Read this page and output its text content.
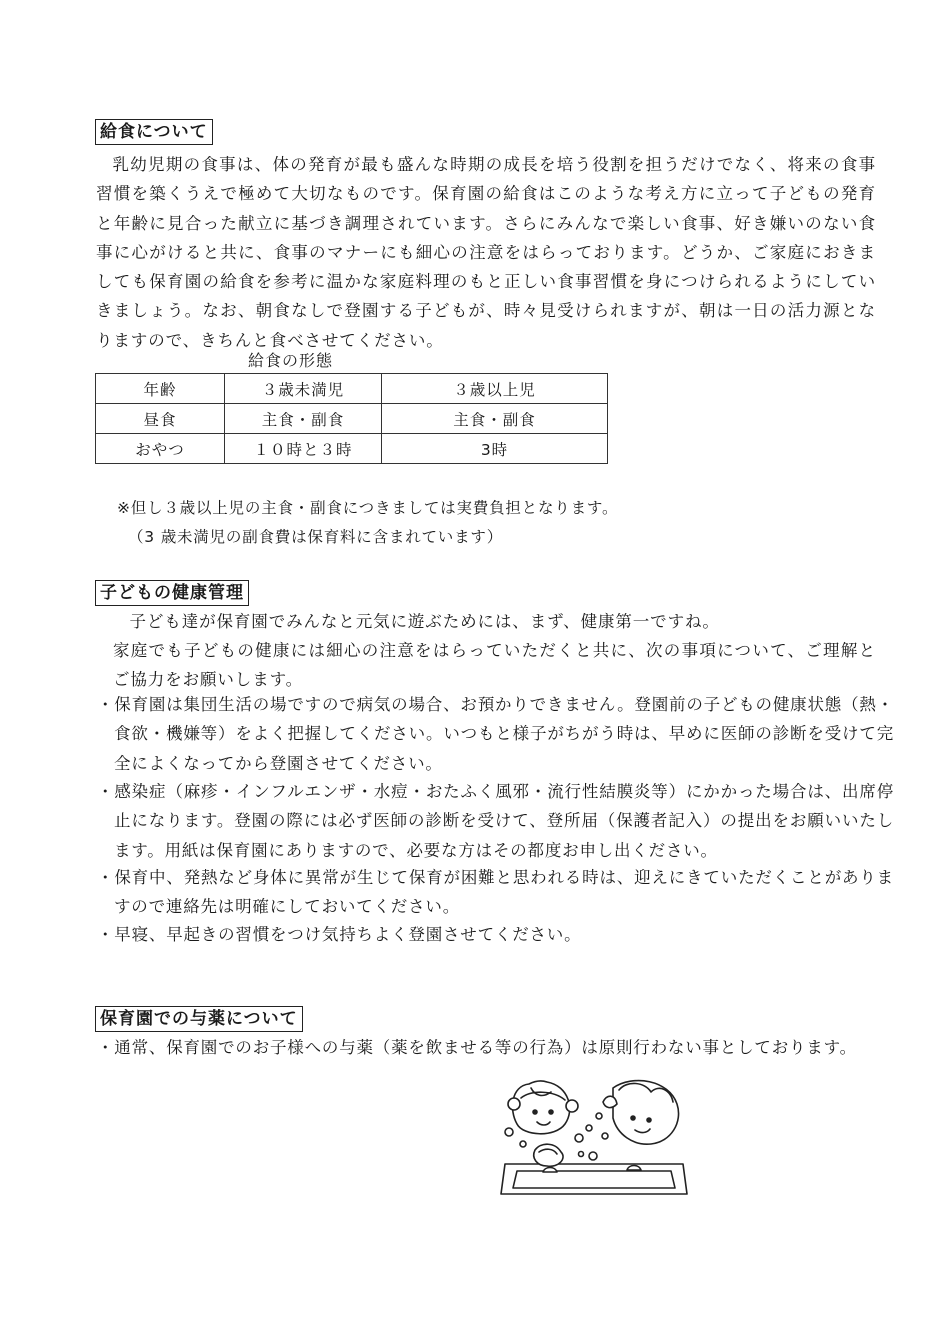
給食について

乳幼児期の食事は、体の発育が最も盛んな時期の成長を培う役割を担うだけでなく、将来の食事習慣を築くうえで極めて大切なものです。保育園の給食はこのような考え方に立って子どもの発育と年齢に見合った献立に基づき調理されています。さらにみんなで楽しい食事、好き嫌いのない食事に心がけると共に、食事のマナーにも細心の注意をはらっております。どうか、ご家庭におきましても保育園の給食を参考に温かな家庭料理のもと正しい食事習慣を身につけられるようにしていきましょう。なお、朝食なしで登園する子どもが、時々見受けられますが、朝は一日の活力源となりますので、きちんと食べさせてください。

給食の形態
年齢	３歳未満児	３歳以上児
昼食	主食・副食	主食・副食
おやつ	１０時と３時	3時
※但し３歳以上児の主食・副食につきましては実費負担となります。
（3 歳未満児の副食費は保育料に含まれています）
子どもの健康管理

子ども達が保育園でみんなと元気に遊ぶためには、まず、健康第一ですね。

家庭でも子どもの健康には細心の注意をはらっていただくと共に、次の事項について、ご理解とご協力をお願いします。

・保育園は集団生活の場ですので病気の場合、お預かりできません。登園前の子どもの健康状態（熱・食欲・機嫌等）をよく把握してください。いつもと様子がちがう時は、早めに医師の診断を受けて完全によくなってから登園させてください。

・感染症（麻疹・インフルエンザ・水痘・おたふく風邪・流行性結膜炎等）にかかった場合は、出席停止になります。登園の際には必ず医師の診断を受けて、登所届（保護者記入）の提出をお願いいたします。用紙は保育園にありますので、必要な方はその都度お申し出ください。

・保育中、発熱など身体に異常が生じて保育が困難と思われる時は、迎えにきていただくことがありますので連絡先は明確にしておいてください。

・早寝、早起きの習慣をつけ気持ちよく登園させてください。

保育園での与薬について

・通常、保育園でのお子様への与薬（薬を飲ませる等の行為）は原則行わない事としております。
